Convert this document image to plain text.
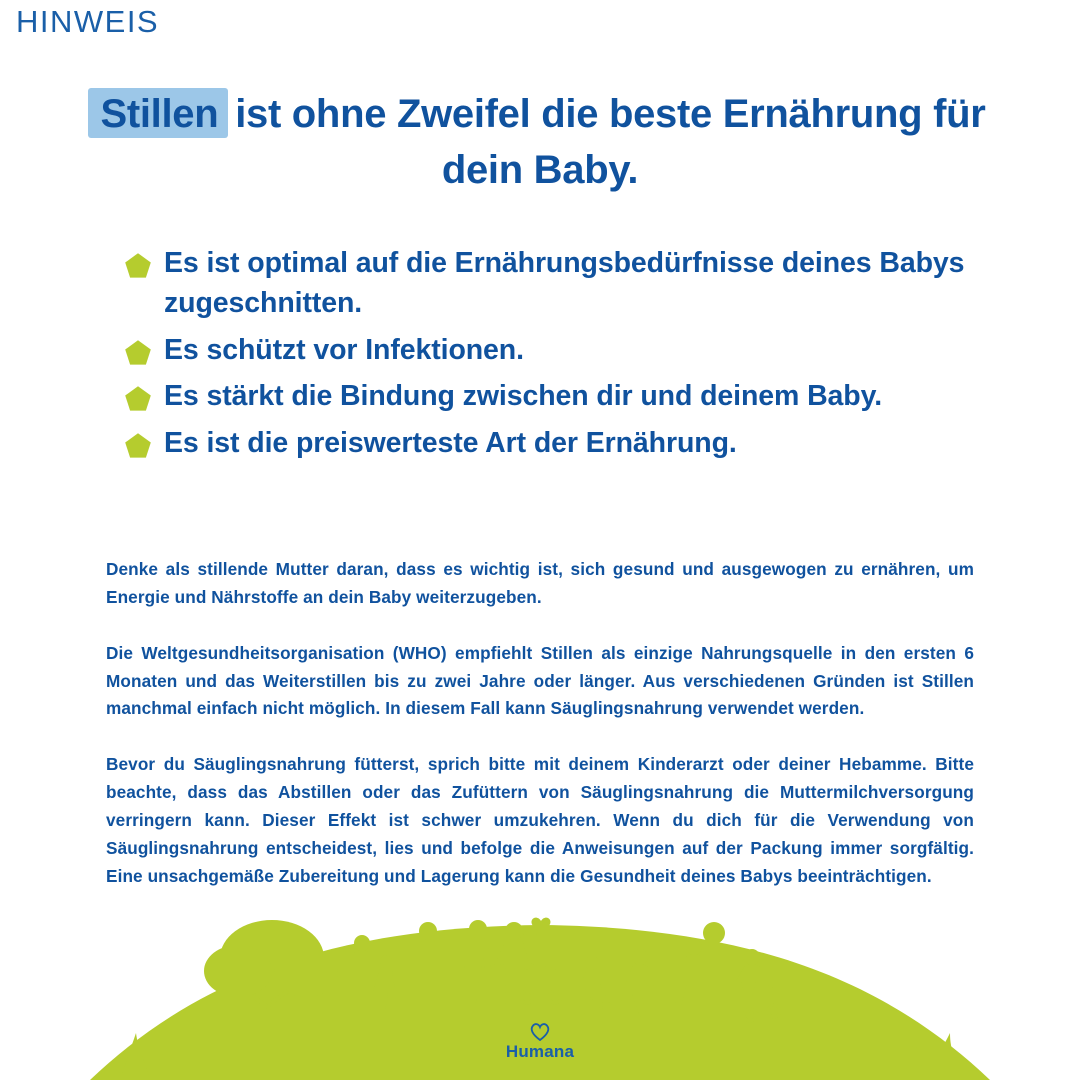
HINWEIS
Stillen ist ohne Zweifel die beste Ernährung für dein Baby.
Es ist optimal auf die Ernährungsbedürfnisse deines Babys zugeschnitten.
Es schützt vor Infektionen.
Es stärkt die Bindung zwischen dir und deinem Baby.
Es ist die preiswerteste Art der Ernährung.

Denke als stillende Mutter daran, dass es wichtig ist, sich gesund und ausgewogen zu ernähren, um Energie und Nährstoffe an dein Baby weiterzugeben.

Die Weltgesundheitsorganisation (WHO) empfiehlt Stillen als einzige Nahrungsquelle in den ersten 6 Monaten und das Weiterstillen bis zu zwei Jahre oder länger. Aus verschiedenen Gründen ist Stillen manchmal einfach nicht möglich. In diesem Fall kann Säuglingsnahrung verwendet werden.

Bevor du Säuglingsnahrung fütterst, sprich bitte mit deinem Kinderarzt oder deiner Hebamme. Bitte beachte, dass das Abstillen oder das Zufüttern von Säuglingsnahrung die Muttermilchversorgung verringern kann. Dieser Effekt ist schwer umzukehren. Wenn du dich für die Verwendung von Säuglingsnahrung entscheidest, lies und befolge die Anweisungen auf der Packung immer sorgfältig. Eine unsachgemäße Zubereitung und Lagerung kann die Gesundheit deines Babys beeinträchtigen.

Humana
